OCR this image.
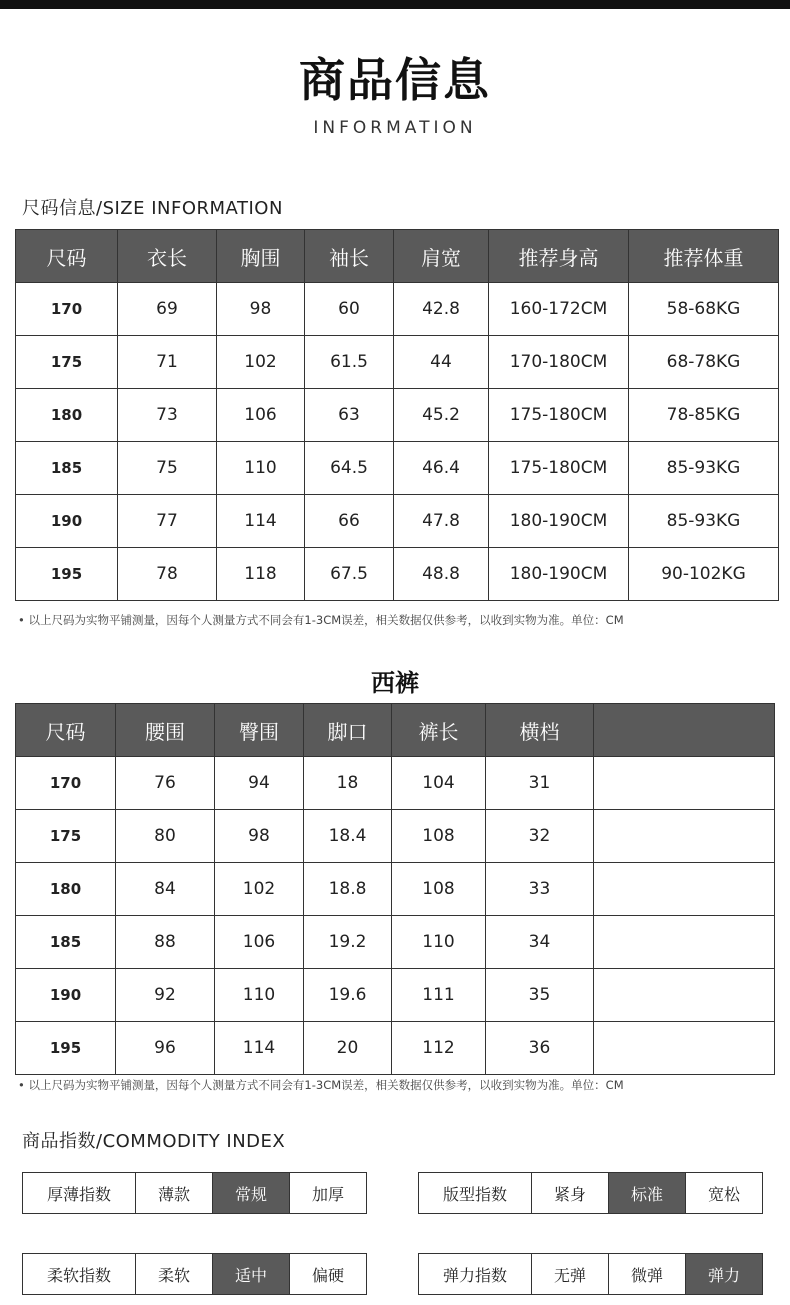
商品信息
INFORMATION
尺码信息/SIZE INFORMATION
尺码	衣长	胸围	袖长	肩宽	推荐身高	推荐体重
170	69	98	60	42.8	160-172CM	58-68KG
175	71	102	61.5	44	170-180CM	68-78KG
180	73	106	63	45.2	175-180CM	78-85KG
185	75	110	64.5	46.4	175-180CM	85-93KG
190	77	114	66	47.8	180-190CM	85-93KG
195	78	118	67.5	48.8	180-190CM	90-102KG
• 以上尺码为实物平铺测量，因每个人测量方式不同会有1-3CM误差，相关数据仅供参考，以收到实物为准。单位：CM
西裤
尺码	腰围	臀围	脚口	裤长	横档	
170	76	94	18	104	31	
175	80	98	18.4	108	32	
180	84	102	18.8	108	33	
185	88	106	19.2	110	34	
190	92	110	19.6	111	35	
195	96	114	20	112	36	
• 以上尺码为实物平铺测量，因每个人测量方式不同会有1-3CM误差，相关数据仅供参考，以收到实物为准。单位：CM
商品指数/COMMODITY INDEX
厚薄指数	薄款	常规	加厚	版型指数	紧身	标准	宽松
柔软指数	柔软	适中	偏硬	弹力指数	无弹	微弹	弹力
